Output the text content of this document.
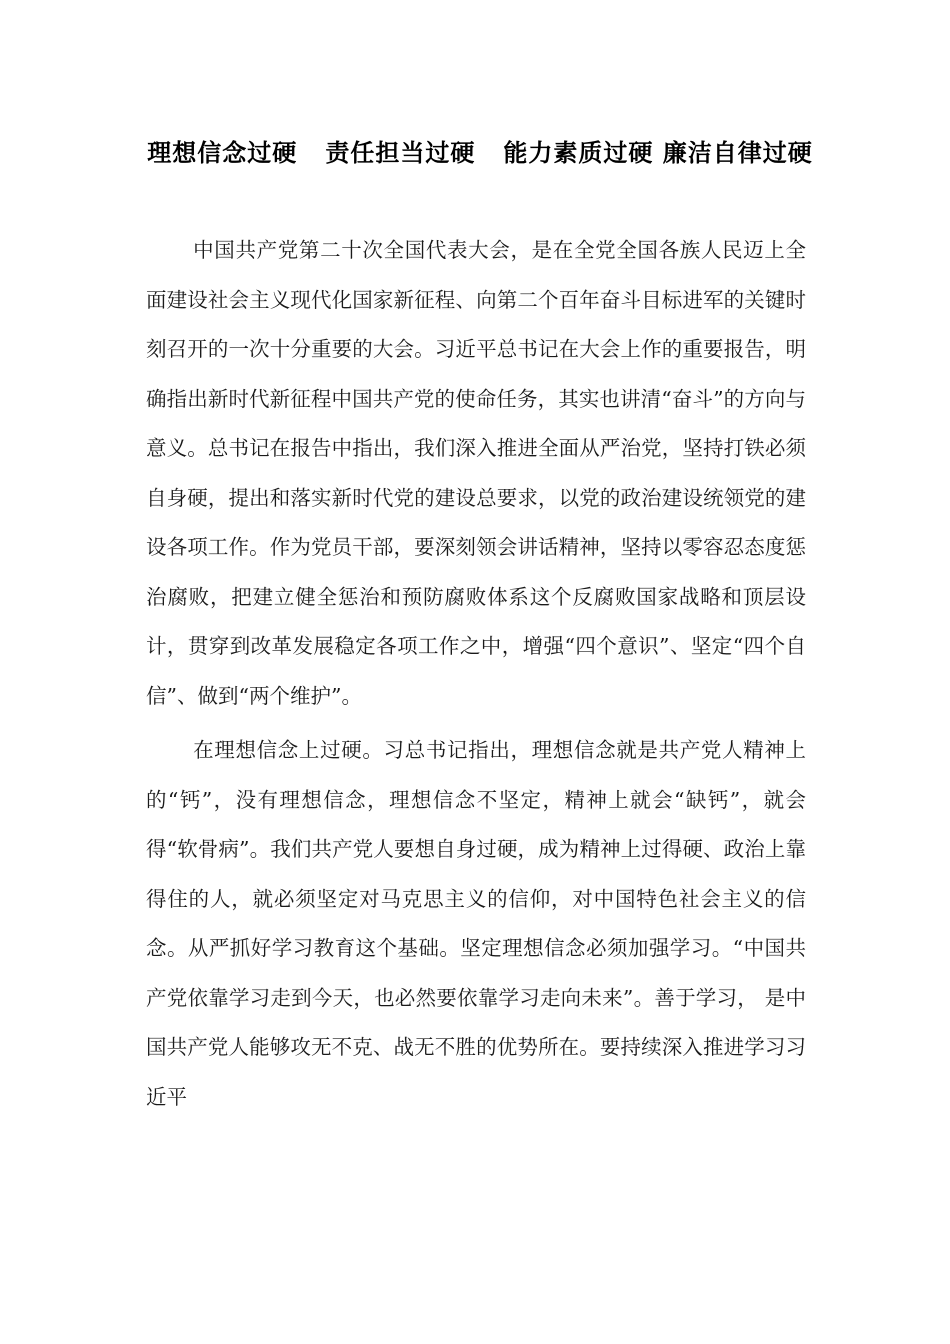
理想信念过硬   责任担当过硬   能力素质过硬 廉洁自律过硬

中国共产党第二十次全国代表大会，是在全党全国各族人民迈上全面建设社会主义现代化国家新征程、向第二个百年奋斗目标进军的关键时刻召开的一次十分重要的大会。习近平总书记在大会上作的重要报告，明确指出新时代新征程中国共产党的使命任务，其实也讲清“奋斗”的方向与意义。总书记在报告中指出，我们深入推进全面从严治党，坚持打铁必须自身硬，提出和落实新时代党的建设总要求，以党的政治建设统领党的建设各项工作。作为党员干部，要深刻领会讲话精神，坚持以零容忍态度惩治腐败，把建立健全惩治和预防腐败体系这个反腐败国家战略和顶层设计，贯穿到改革发展稳定各项工作之中，增强“四个意识”、坚定“四个自信”、做到“两个维护”。

在理想信念上过硬。习总书记指出，理想信念就是共产党人精神上的“钙”，没有理想信念，理想信念不坚定，精神上就会“缺钙”，就会得“软骨病”。我们共产党人要想自身过硬，成为精神上过得硬、政治上靠得住的人，就必须坚定对马克思主义的信仰，对中国特色社会主义的信念。从严抓好学习教育这个基础。坚定理想信念必须加强学习。“中国共产党依靠学习走到今天，也必然要依靠学习走向未来”。善于学习， 是中国共产党人能够攻无不克、战无不胜的优势所在。要持续深入推进学习习近平
